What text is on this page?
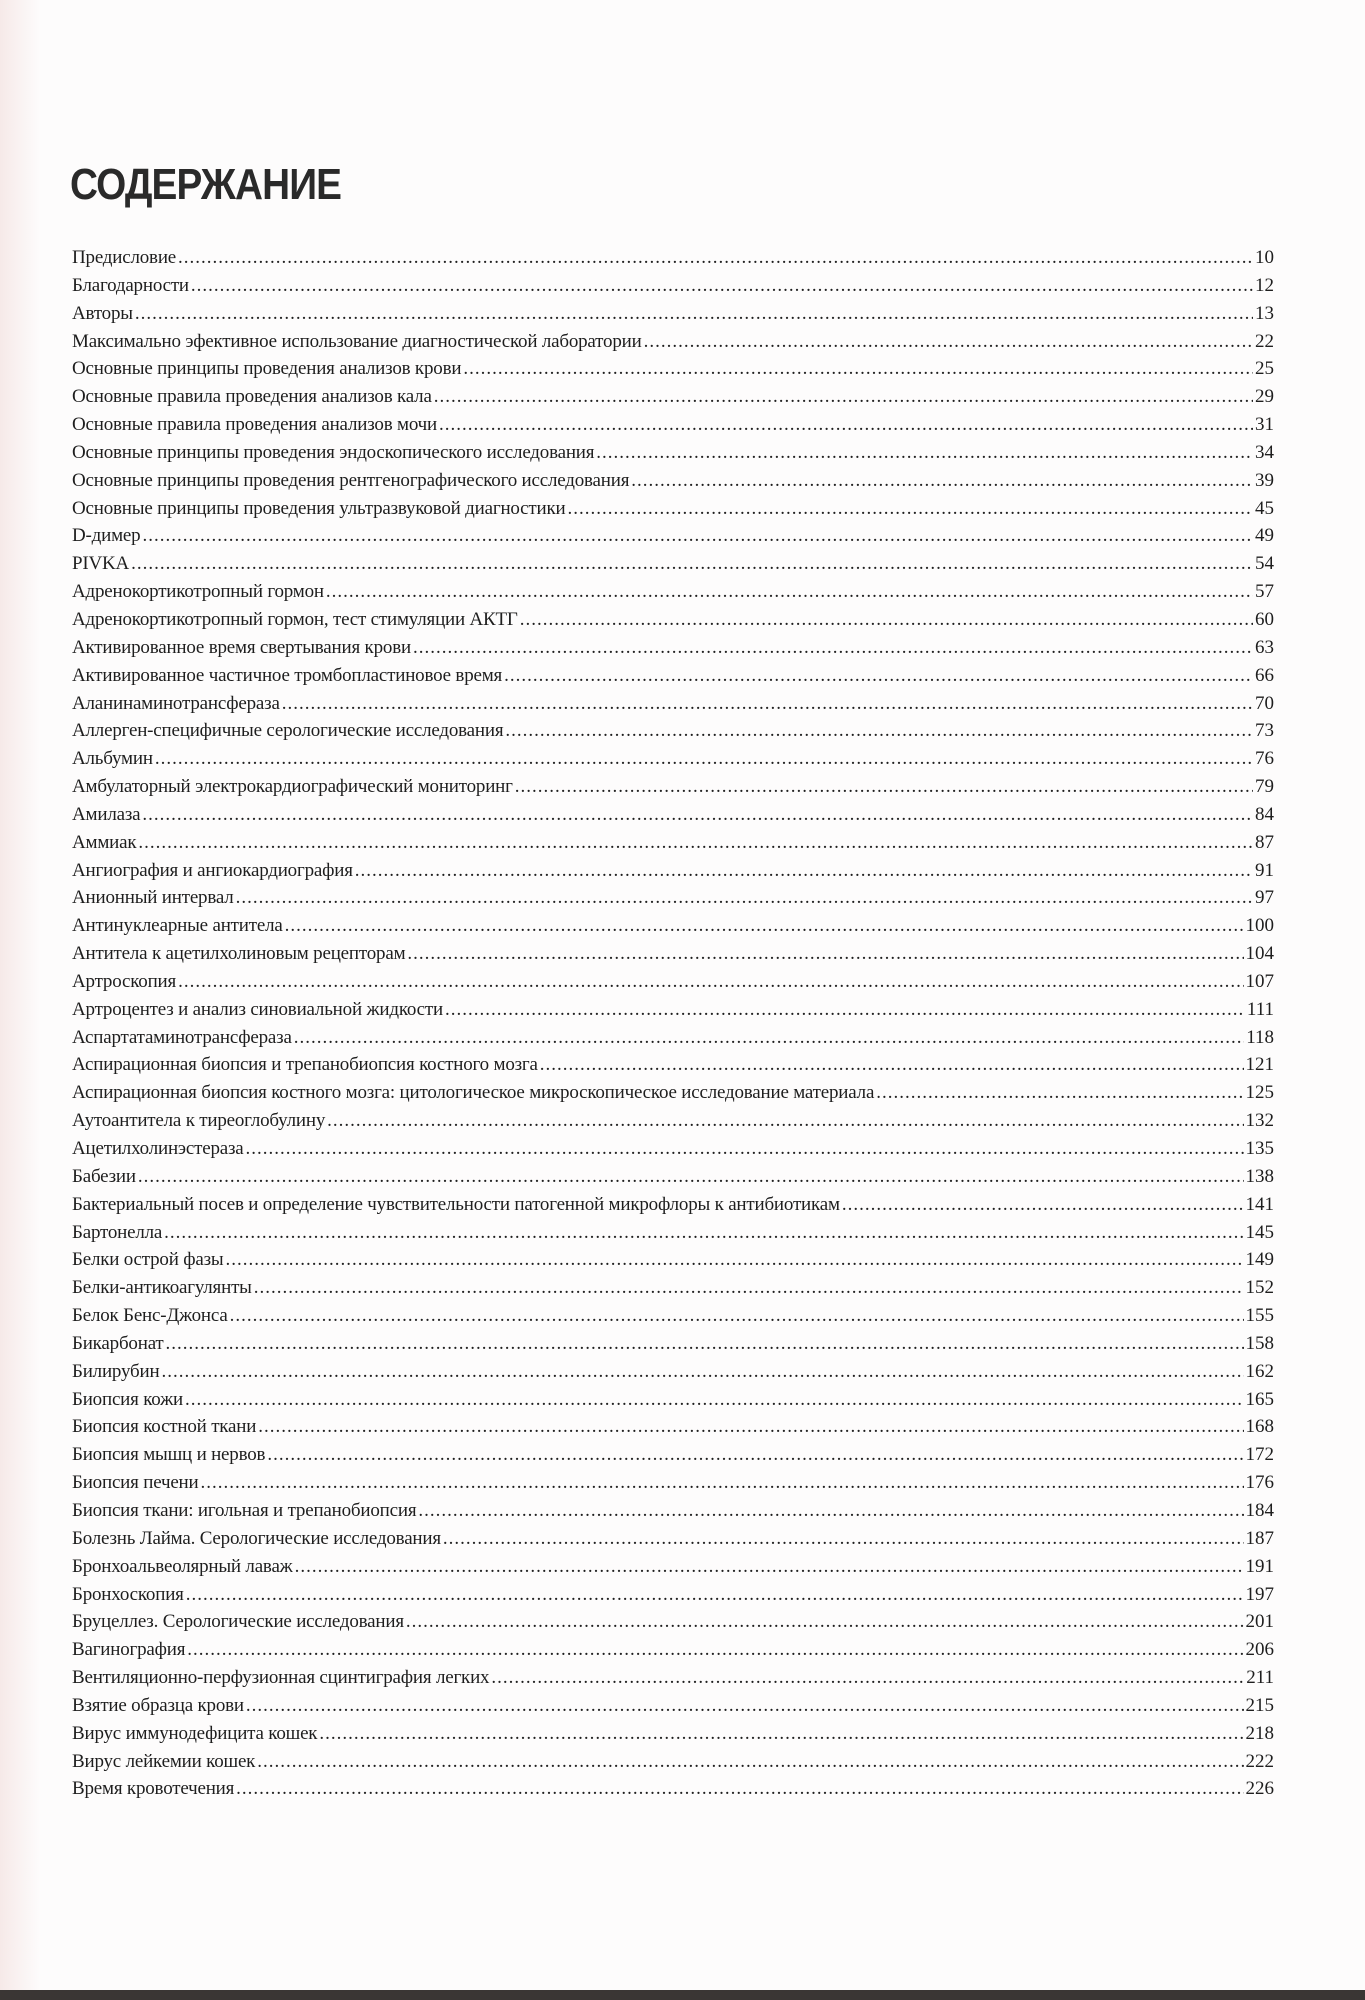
СОДЕРЖАНИЕ
Предисловие .....	10
Благодарности .....	12
Авторы .....	13
Максимально эфективное использование диагностической лаборатории .....	22
Основные принципы проведения анализов крови .....	25
Основные правила проведения анализов кала .....	29
Основные правила проведения анализов мочи .....	31
Основные принципы проведения эндоскопического исследования .....	34
Основные принципы проведения рентгенографического исследования .....	39
Основные принципы проведения ультразвуковой диагностики .....	45
D-димер .....	49
PIVKA .....	54
Адренокортикотропный гормон .....	57
Адренокортикотропный гормон, тест стимуляции АКТГ .....	60
Активированное время свертывания крови .....	63
Активированное частичное тромбопластиновое время .....	66
Аланинаминотрансфераза .....	70
Аллерген-специфичные серологические исследования .....	73
Альбумин .....	76
Амбулаторный электрокардиографический мониторинг .....	79
Амилаза .....	84
Аммиак .....	87
Ангиография и ангиокардиография .....	91
Анионный интервал .....	97
Антинуклеарные антитела .....	100
Антитела к ацетилхолиновым рецепторам .....	104
Артроскопия .....	107
Артроцентез и анализ синовиальной жидкости .....	111
Аспартатаминотрансфераза .....	118
Аспирационная биопсия и трепанобиопсия костного мозга .....	121
Аспирационная биопсия костного мозга: цитологическое микроскопическое исследование материала .....	125
Аутоантитела к тиреоглобулину .....	132
Ацетилхолинэстераза .....	135
Бабезии .....	138
Бактериальный посев и определение чувствительности патогенной микрофлоры к антибиотикам .....	141
Бартонелла .....	145
Белки острой фазы .....	149
Белки-антикоагулянты .....	152
Белок Бенс-Джонса .....	155
Бикарбонат .....	158
Билирубин .....	162
Биопсия кожи .....	165
Биопсия костной ткани .....	168
Биопсия мышц и нервов .....	172
Биопсия печени .....	176
Биопсия ткани: игольная и трепанобиопсия .....	184
Болезнь Лайма. Серологические исследования .....	187
Бронхоальвеолярный лаваж .....	191
Бронхоскопия .....	197
Бруцеллез. Серологические исследования .....	201
Вагинография .....	206
Вентиляционно-перфузионная сцинтиграфия легких .....	211
Взятие образца крови .....	215
Вирус иммунодефицита кошек .....	218
Вирус лейкемии кошек .....	222
Время кровотечения .....	226
